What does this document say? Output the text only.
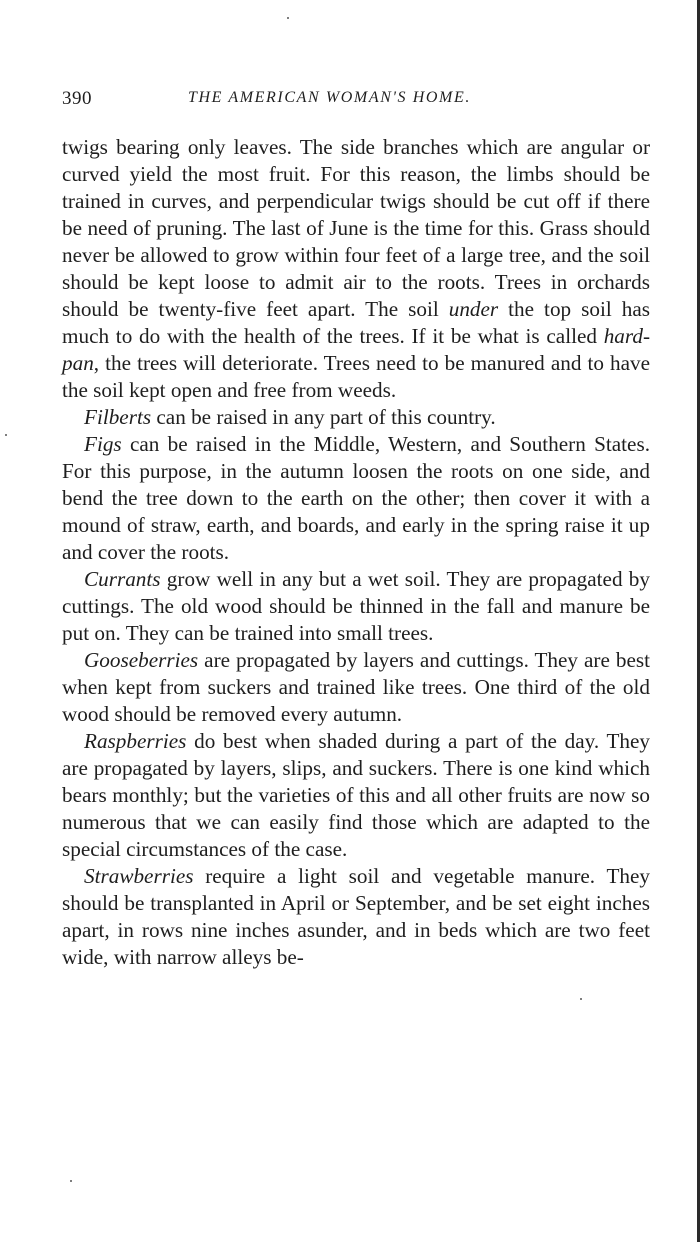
390	THE AMERICAN WOMAN'S HOME.

twigs bearing only leaves. The side branches which are angular or curved yield the most fruit. For this reason, the limbs should be trained in curves, and perpendicular twigs should be cut off if there be need of pruning. The last of June is the time for this. Grass should never be allowed to grow within four feet of a large tree, and the soil should be kept loose to admit air to the roots. Trees in orchards should be twenty-five feet apart. The soil under the top soil has much to do with the health of the trees. If it be what is called hard-pan, the trees will deteriorate. Trees need to be manured and to have the soil kept open and free from weeds.

Filberts can be raised in any part of this country.

Figs can be raised in the Middle, Western, and Southern States. For this purpose, in the autumn loosen the roots on one side, and bend the tree down to the earth on the other; then cover it with a mound of straw, earth, and boards, and early in the spring raise it up and cover the roots.

Currants grow well in any but a wet soil. They are propagated by cuttings. The old wood should be thinned in the fall and manure be put on. They can be trained into small trees.

Gooseberries are propagated by layers and cuttings. They are best when kept from suckers and trained like trees. One third of the old wood should be removed every autumn.

Raspberries do best when shaded during a part of the day. They are propagated by layers, slips, and suckers. There is one kind which bears monthly; but the varieties of this and all other fruits are now so numerous that we can easily find those which are adapted to the special circumstances of the case.

Strawberries require a light soil and vegetable manure. They should be transplanted in April or September, and be set eight inches apart, in rows nine inches asunder, and in beds which are two feet wide, with narrow alleys be-
